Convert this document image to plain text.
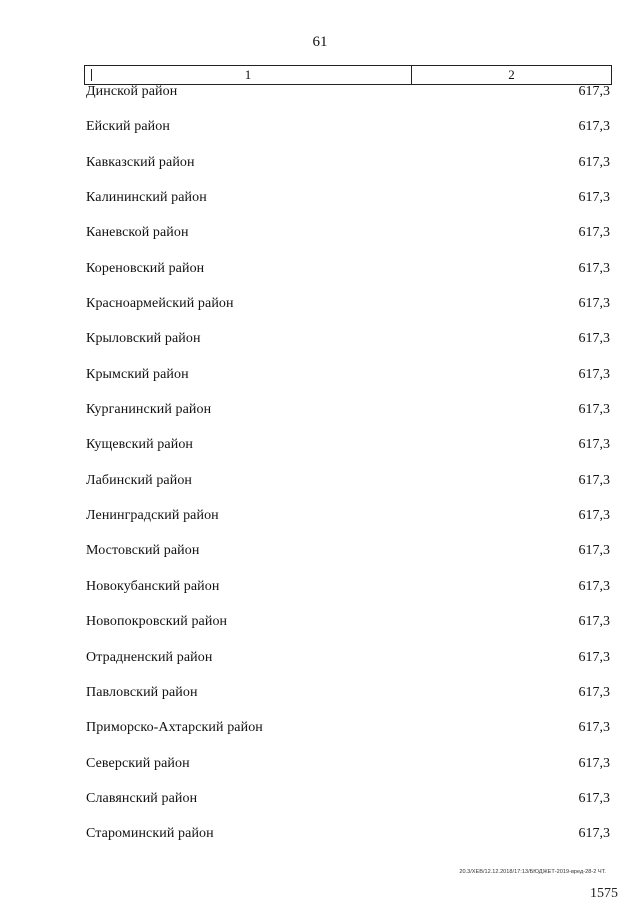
61
1	2
Динской район	617,3
Ейский район	617,3
Кавказский район	617,3
Калининский район	617,3
Каневской район	617,3
Кореновский район	617,3
Красноармейский район	617,3
Крыловский район	617,3
Крымский район	617,3
Курганинский район	617,3
Кущевский район	617,3
Лабинский район	617,3
Ленинградский район	617,3
Мостовский район	617,3
Новокубанский район	617,3
Новопокровский район	617,3
Отрадненский район	617,3
Павловский район	617,3
Приморско-Ахтарский район	617,3
Северский район	617,3
Славянский район	617,3
Староминский район	617,3
20.3/ХЕВ/12.12.2018/17:13/БЮДЖЕТ-2019-вред-28-2 ЧТ.
1575
